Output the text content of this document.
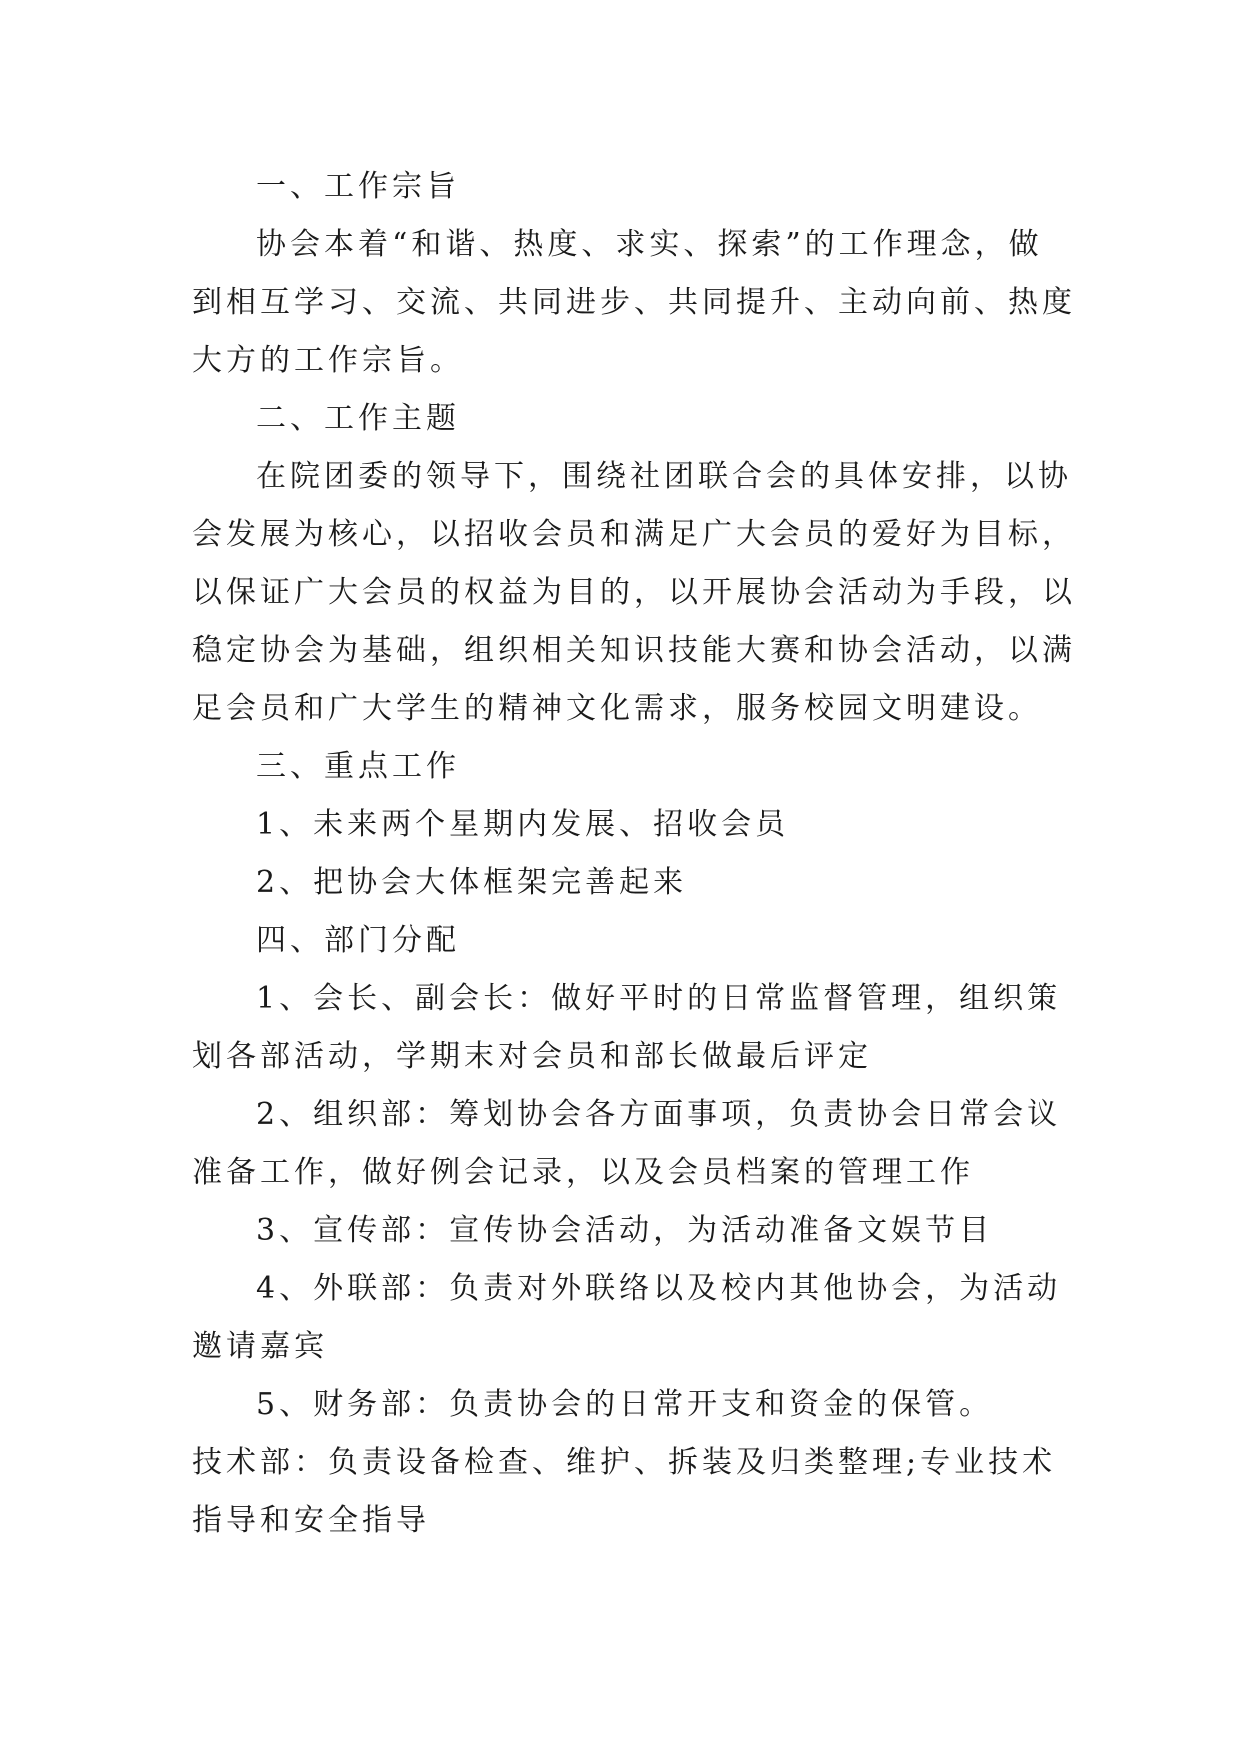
一、工作宗旨
协会本着“和谐、热度、求实、探索”的工作理念，做
到相互学习、交流、共同进步、共同提升、主动向前、热度
大方的工作宗旨。
二、工作主题
在院团委的领导下，围绕社团联合会的具体安排，以协
会发展为核心，以招收会员和满足广大会员的爱好为目标，
以保证广大会员的权益为目的，以开展协会活动为手段，以
稳定协会为基础，组织相关知识技能大赛和协会活动，以满
足会员和广大学生的精神文化需求，服务校园文明建设。
三、重点工作
1、未来两个星期内发展、招收会员
2、把协会大体框架完善起来
四、部门分配
1、会长、副会长：做好平时的日常监督管理，组织策
划各部活动，学期末对会员和部长做最后评定
2、组织部：筹划协会各方面事项，负责协会日常会议
准备工作，做好例会记录，以及会员档案的管理工作
3、宣传部：宣传协会活动，为活动准备文娱节目
4、外联部：负责对外联络以及校内其他协会，为活动
邀请嘉宾
5、财务部：负责协会的日常开支和资金的保管。
技术部：负责设备检查、维护、拆装及归类整理;专业技术
指导和安全指导
